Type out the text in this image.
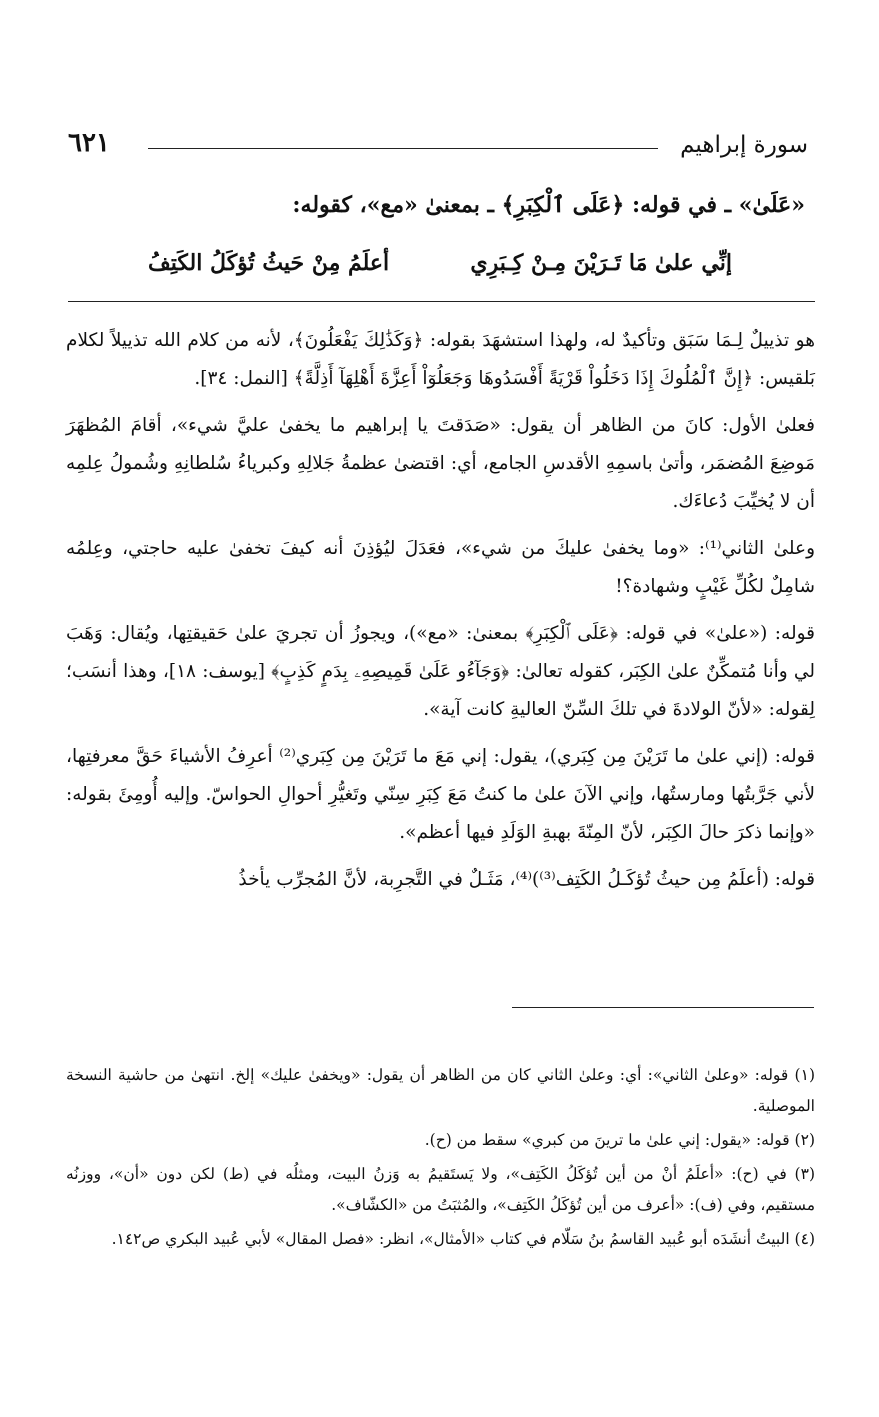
٦٢١	سورة إبراهيم
«عَلَىٰ» ـ في قوله: ﴿عَلَى ٱلْكِبَرِ﴾ ـ بمعنىٰ «مع»، كقوله:
إنِّي علىٰ مَا تَـرَيْنَ مِـنْ كِـبَرِي
أعلَمُ مِنْ حَيثُ تُؤكَلُ الكَتِفُ

هو تذييلٌ لِـمَا سَبَق وتأكيدٌ له، ولهذا استشهَدَ بقوله: ﴿وَكَذَٰلِكَ يَفْعَلُونَ﴾، لأنه من كلام الله تذييلاً لكلام بَلقيس: ﴿إِنَّ ٱلْمُلُوكَ إِذَا دَخَلُواْ قَرْيَةً أَفْسَدُوهَا وَجَعَلُوٓاْ أَعِزَّةَ أَهْلِهَآ أَذِلَّةً﴾ [النمل: ٣٤].

فعلىٰ الأول: كانَ من الظاهر أن يقول: «صَدَقتَ يا إبراهيم ما يخفىٰ عليَّ شيء»، أقامَ المُظهَرَ مَوضِعَ المُضمَر، وأتىٰ باسمِهِ الأقدسِ الجامع، أي: اقتضىٰ عظمةُ جَلالِهِ وكبرياءُ سُلطانِهِ وشُمولُ عِلمِه أن لا يُخيِّبَ دُعاءَك.

وعلىٰ الثاني⁽¹⁾: «وما يخفىٰ عليكَ من شيء»، فعَدَلَ ليُؤذِنَ أنه كيفَ تخفىٰ عليه حاجتي، وعِلمُه شامِلٌ لكُلِّ غَيْبٍ وشهادة؟!

قوله: («علىٰ» في قوله: ﴿عَلَى ٱلْكِبَرِ﴾ بمعنىٰ: «مع»)، ويجوزُ أن تجريَ علىٰ حَقيقتِها، ويُقال: وَهَبَ لي وأنا مُتمكِّنٌ علىٰ الكِبَر، كقوله تعالىٰ: ﴿وَجَآءُو عَلَىٰ قَمِيصِهِۦ بِدَمٍ كَذِبٍ﴾ [يوسف: ١٨]، وهذا أنسَب؛ لِقوله: «لأنّ الولادةَ في تلكَ السِّنّ العاليةِ كانت آية».

قوله: (إني علىٰ ما تَرَيْنَ مِن كِبَري)، يقول: إني مَعَ ما تَرَيْنَ مِن كِبَري⁽²⁾ أعرِفُ الأشياءَ حَقَّ معرفتِها، لأني جَرَّبتُها ومارستُها، وإني الآنَ علىٰ ما كنتُ مَعَ كِبَرِ سِنّي وتَغيُّرِ أحوالِ الحواسّ. وإليه أُومِئَ بقوله: «وإنما ذكرَ حالَ الكِبَر، لأنّ المِنّةَ بهبةِ الوَلَدِ فيها أعظم».

قوله: (أعلَمُ مِن حيثُ تُؤكَـلُ الكَتِف⁽³⁾)⁽⁴⁾، مَثَـلٌ في التَّجرِبة، لأنَّ المُجرِّب يأخذُ

(١) قوله: «وعلىٰ الثاني»: أي: وعلىٰ الثاني كان من الظاهر أن يقول: «ويخفىٰ عليك» إلخ. انتهىٰ من حاشية النسخة الموصلية.

(٢) قوله: «يقول: إني علىٰ ما ترينَ من كبري» سقط من (ح).

(٣) في (ح): «أعلَمُ أنْ من أين تُؤكَلُ الكَتِف»، ولا يَستَقيمُ به وَزنُ البيت، ومثلُه في (ط) لكن دون «أن»، ووزنُه مستقيم، وفي (ف): «أعرف من أين تُؤكَلُ الكَتِف»، والمُثبَتُ من «الكشّاف».

(٤) البيتُ أنشَدَه أبو عُبيد القاسمُ بنُ سَلّام في كتاب «الأمثال»، انظر: «فصل المقال» لأبي عُبيد البكري ص١٤٢.
